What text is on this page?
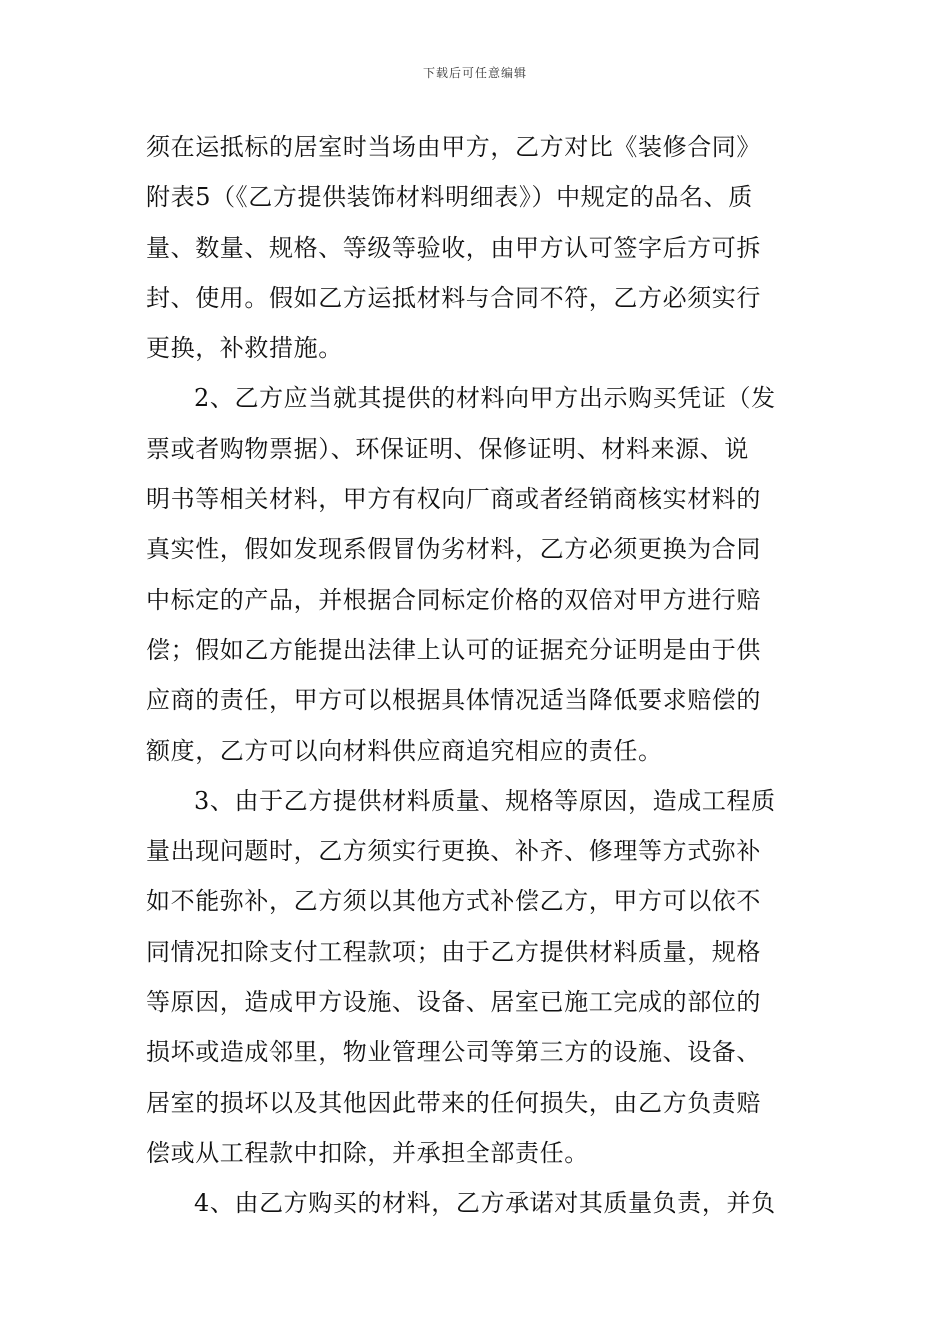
下载后可任意编辑
须在运抵标的居室时当场由甲方，乙方对比《装修合同》
附表5（《乙方提供装饰材料明细表》）中规定的品名、质
量、数量、规格、等级等验收，由甲方认可签字后方可拆
封、使用。假如乙方运抵材料与合同不符，乙方必须实行
更换，补救措施。
2、乙方应当就其提供的材料向甲方出示购买凭证（发
票或者购物票据）、环保证明、保修证明、材料来源、说
明书等相关材料，甲方有权向厂商或者经销商核实材料的
真实性，假如发现系假冒伪劣材料，乙方必须更换为合同
中标定的产品，并根据合同标定价格的双倍对甲方进行赔
偿；假如乙方能提出法律上认可的证据充分证明是由于供
应商的责任，甲方可以根据具体情况适当降低要求赔偿的
额度，乙方可以向材料供应商追究相应的责任。
3、由于乙方提供材料质量、规格等原因，造成工程质
量出现问题时，乙方须实行更换、补齐、修理等方式弥补
如不能弥补，乙方须以其他方式补偿乙方，甲方可以依不
同情况扣除支付工程款项；由于乙方提供材料质量，规格
等原因，造成甲方设施、设备、居室已施工完成的部位的
损坏或造成邻里，物业管理公司等第三方的设施、设备、
居室的损坏以及其他因此带来的任何损失，由乙方负责赔
偿或从工程款中扣除，并承担全部责任。
4、由乙方购买的材料，乙方承诺对其质量负责，并负
